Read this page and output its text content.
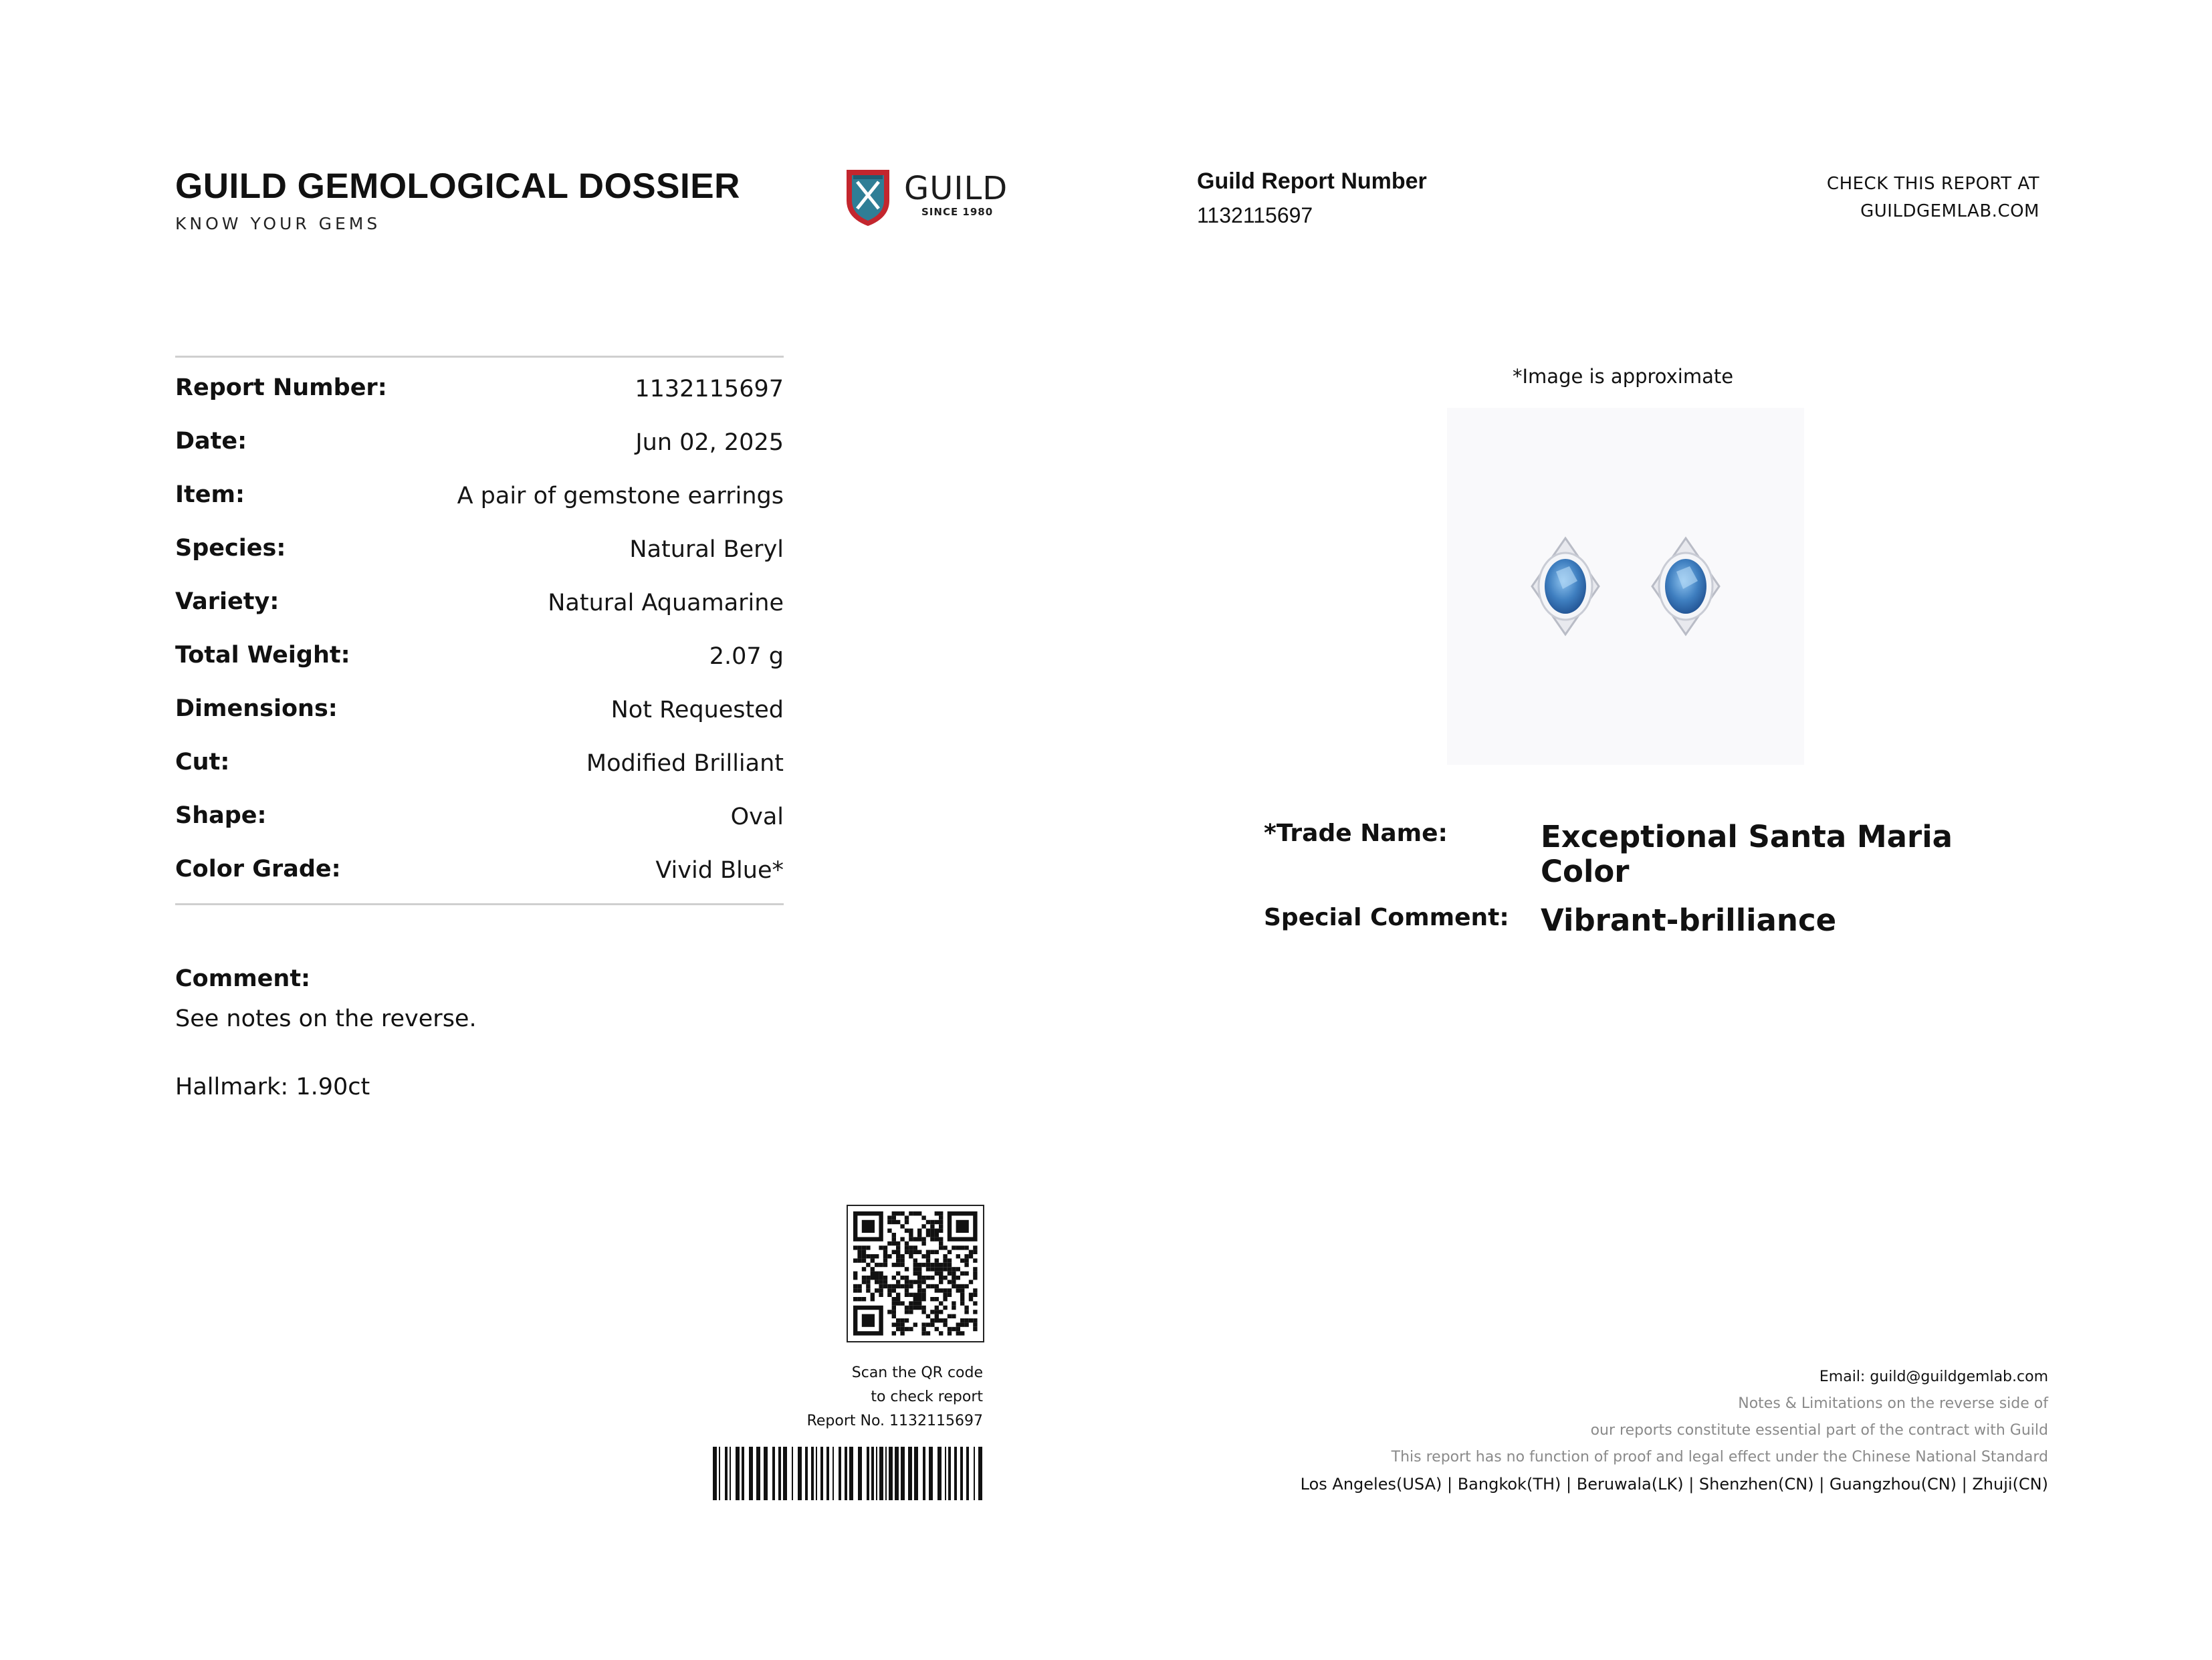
GUILD GEMOLOGICAL DOSSIER
KNOW YOUR GEMS
GUILD
SINCE 1980
Guild Report Number
1132115697
CHECK THIS REPORT AT
GUILDGEMLAB.COM
Report Number:	1132115697
Date:	Jun 02, 2025
Item:	A pair of gemstone earrings
Species:	Natural Beryl
Variety:	Natural Aquamarine
Total Weight:	2.07 g
Dimensions:	Not Requested
Cut:	Modified Brilliant
Shape:	Oval
Color Grade:	Vivid Blue*
Comment:
See notes on the reverse.
Hallmark: 1.90ct
*Image is approximate
*Trade Name:	Exceptional Santa Maria Color
Special Comment: Vibrant-brilliance
Scan the QR code
to check report
Report No. 1132115697
Email: guild@guildgemlab.com
Notes & Limitations on the reverse side of
our reports constitute essential part of the contract with Guild
This report has no function of proof and legal effect under the Chinese National Standard
Los Angeles(USA) | Bangkok(TH) | Beruwala(LK) | Shenzhen(CN) | Guangzhou(CN) | Zhuji(CN)
